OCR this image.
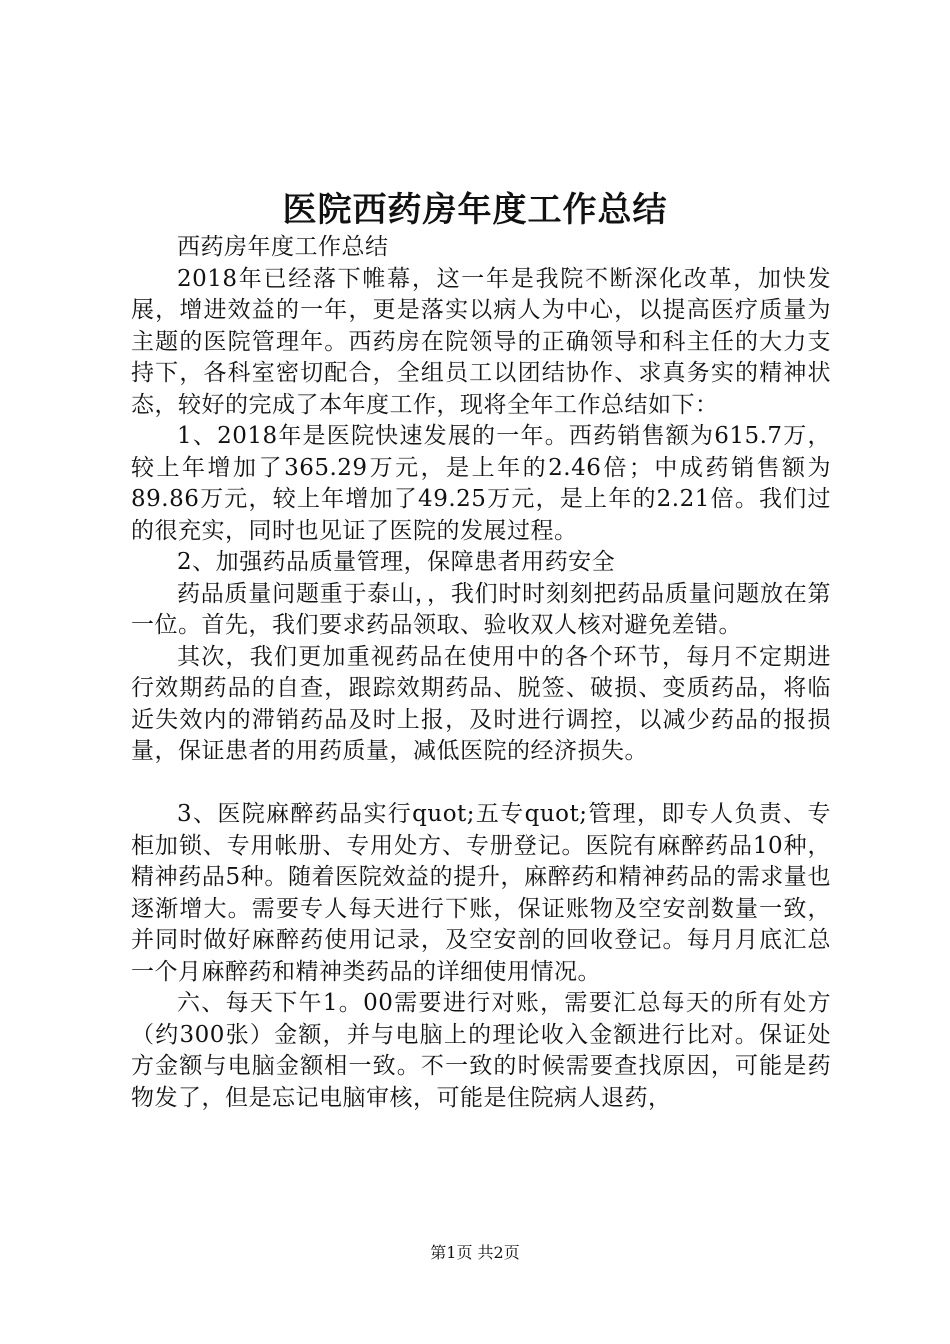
医院西药房年度工作总结

西药房年度工作总结

2018年已经落下帷幕，这一年是我院不断深化改革，加快发展，增进效益的一年，更是落实以病人为中心，以提高医疗质量为主题的医院管理年。西药房在院领导的正确领导和科主任的大力支持下，各科室密切配合，全组员工以团结协作、求真务实的精神状态，较好的完成了本年度工作，现将全年工作总结如下：

1、2018年是医院快速发展的一年。西药销售额为615.7万，较上年增加了365.29万元，是上年的2.46倍；中成药销售额为89.86万元，较上年增加了49.25万元，是上年的2.21倍。我们过的很充实，同时也见证了医院的发展过程。

2、加强药品质量管理，保障患者用药安全

药品质量问题重于泰山，，我们时时刻刻把药品质量问题放在第一位。首先，我们要求药品领取、验收双人核对避免差错。

其次，我们更加重视药品在使用中的各个环节，每月不定期进行效期药品的自查，跟踪效期药品、脱签、破损、变质药品，将临近失效内的滞销药品及时上报，及时进行调控，以减少药品的报损量，保证患者的用药质量，减低医院的经济损失。

3、医院麻醉药品实行quot;五专quot;管理，即专人负责、专柜加锁、专用帐册、专用处方、专册登记。医院有麻醉药品10种，精神药品5种。随着医院效益的提升，麻醉药和精神药品的需求量也逐渐增大。需要专人每天进行下账，保证账物及空安剖数量一致，并同时做好麻醉药使用记录，及空安剖的回收登记。每月月底汇总一个月麻醉药和精神类药品的详细使用情况。

六、每天下午1。00需要进行对账，需要汇总每天的所有处方（约300张）金额，并与电脑上的理论收入金额进行比对。保证处方金额与电脑金额相一致。不一致的时候需要查找原因，可能是药物发了，但是忘记电脑审核，可能是住院病人退药，

第1页 共2页
